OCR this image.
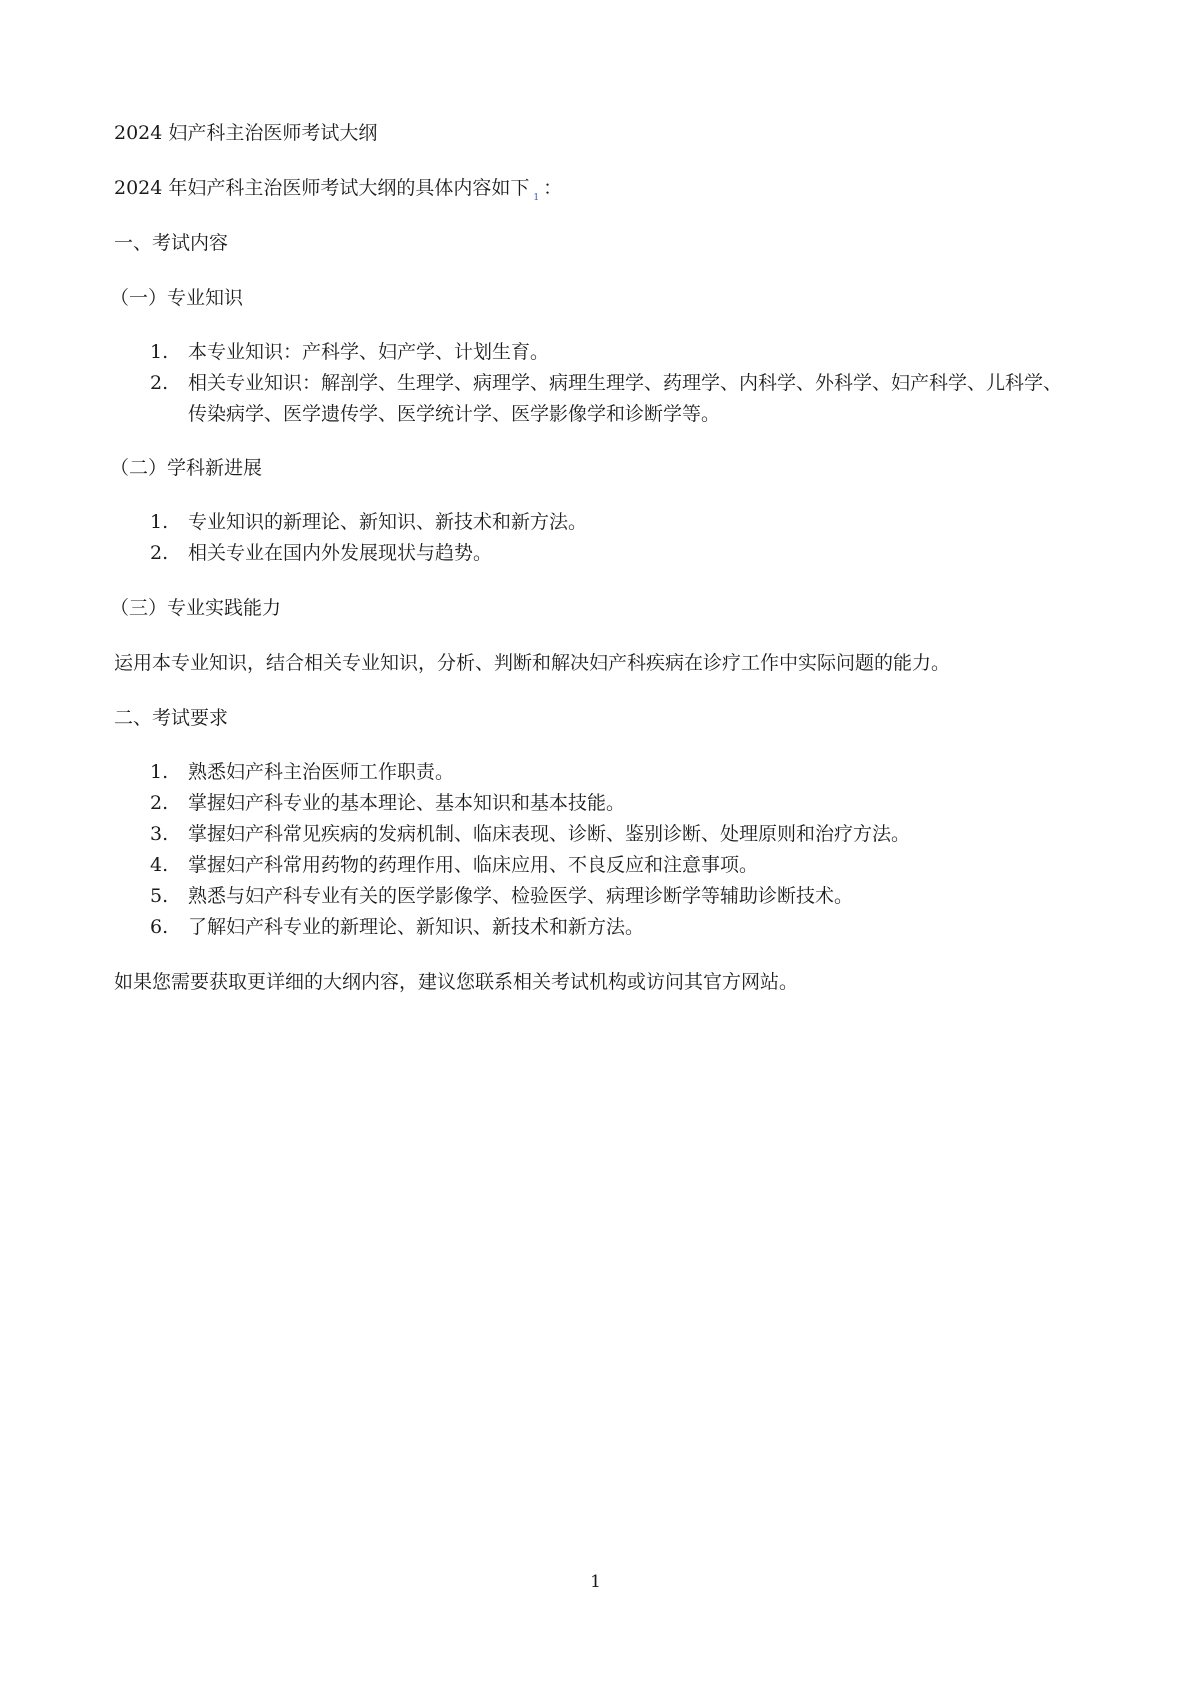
2024 妇产科主治医师考试大纲
2024 年妇产科主治医师考试大纲的具体内容如下 $_1$ ：
一、考试内容
（一）专业知识
1.	本专业知识：产科学、妇产学、计划生育。
2.	相关专业知识：解剖学、生理学、病理学、病理生理学、药理学、内科学、外科学、妇产科学、儿科学、
传染病学、医学遗传学、医学统计学、医学影像学和诊断学等。
（二）学科新进展
1.	专业知识的新理论、新知识、新技术和新方法。
2.	相关专业在国内外发展现状与趋势。
（三）专业实践能力
运用本专业知识，结合相关专业知识，分析、判断和解决妇产科疾病在诊疗工作中实际问题的能力。
二、考试要求
1.	熟悉妇产科主治医师工作职责。
2.	掌握妇产科专业的基本理论、基本知识和基本技能。
3.	掌握妇产科常见疾病的发病机制、临床表现、诊断、鉴别诊断、处理原则和治疗方法。
4.	掌握妇产科常用药物的药理作用、临床应用、不良反应和注意事项。
5.	熟悉与妇产科专业有关的医学影像学、检验医学、病理诊断学等辅助诊断技术。
6.	了解妇产科专业的新理论、新知识、新技术和新方法。
如果您需要获取更详细的大纲内容，建议您联系相关考试机构或访问其官方网站。
1
